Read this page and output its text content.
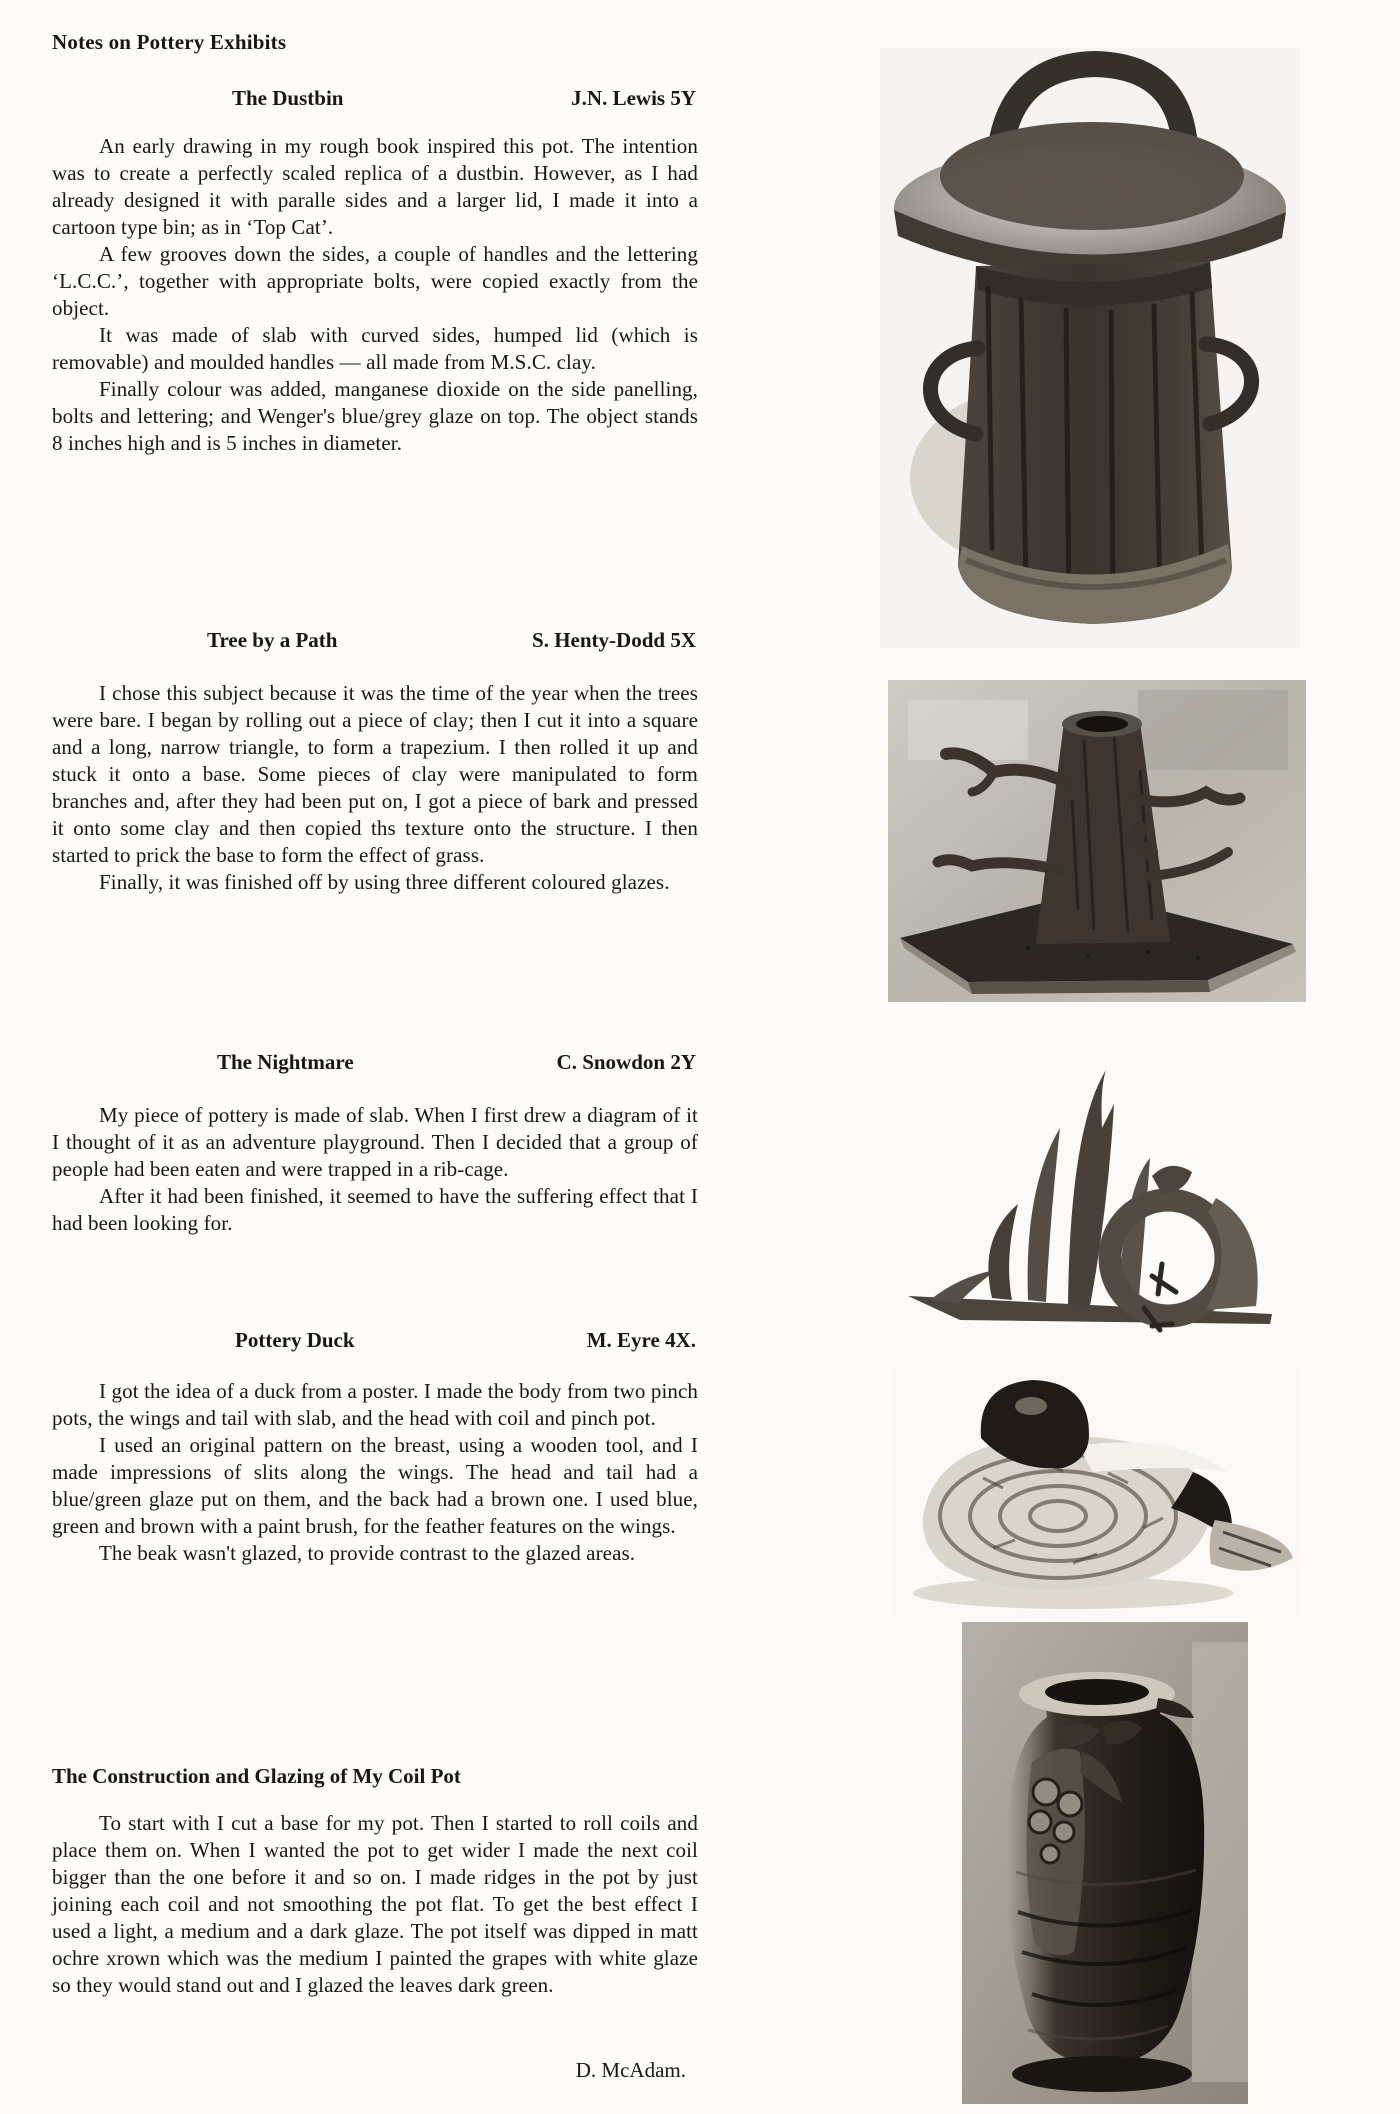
Notes on Pottery Exhibits
The Dustbin	J.N. Lewis 5Y

An early drawing in my rough book inspired this pot. The intention was to create a perfectly scaled replica of a dustbin. However, as I had already designed it with paralle sides and a larger lid, I made it into a cartoon type bin; as in ‘Top Cat’.

A few grooves down the sides, a couple of handles and the lettering ‘L.C.C.’, together with appropriate bolts, were copied exactly from the object.

It was made of slab with curved sides, humped lid (which is removable) and moulded handles — all made from M.S.C. clay.

Finally colour was added, manganese dioxide on the side panelling, bolts and lettering; and Wenger's blue/grey glaze on top. The object stands 8 inches high and is 5 inches in diameter.

Tree by a Path	S. Henty-Dodd 5X

I chose this subject because it was the time of the year when the trees were bare. I began by rolling out a piece of clay; then I cut it into a square and a long, narrow triangle, to form a trapezium. I then rolled it up and stuck it onto a base. Some pieces of clay were manipulated to form branches and, after they had been put on, I got a piece of bark and pressed it onto some clay and then copied ths texture onto the structure. I then started to prick the base to form the effect of grass.

Finally, it was finished off by using three different coloured glazes.

The Nightmare	C. Snowdon 2Y

My piece of pottery is made of slab. When I first drew a diagram of it I thought of it as an adventure playground. Then I decided that a group of people had been eaten and were trapped in a rib-cage.

After it had been finished, it seemed to have the suffering effect that I had been looking for.

Pottery Duck	M. Eyre 4X.

I got the idea of a duck from a poster. I made the body from two pinch pots, the wings and tail with slab, and the head with coil and pinch pot.

I used an original pattern on the breast, using a wooden tool, and I made impressions of slits along the wings. The head and tail had a blue/green glaze put on them, and the back had a brown one. I used blue, green and brown with a paint brush, for the feather features on the wings.

The beak wasn't glazed, to provide contrast to the glazed areas.

The Construction and Glazing of My Coil Pot

To start with I cut a base for my pot. Then I started to roll coils and place them on. When I wanted the pot to get wider I made the next coil bigger than the one before it and so on. I made ridges in the pot by just joining each coil and not smoothing the pot flat. To get the best effect I used a light, a medium and a dark glaze. The pot itself was dipped in matt ochre xrown which was the medium I painted the grapes with white glaze so they would stand out and I glazed the leaves dark green.

D. McAdam.
